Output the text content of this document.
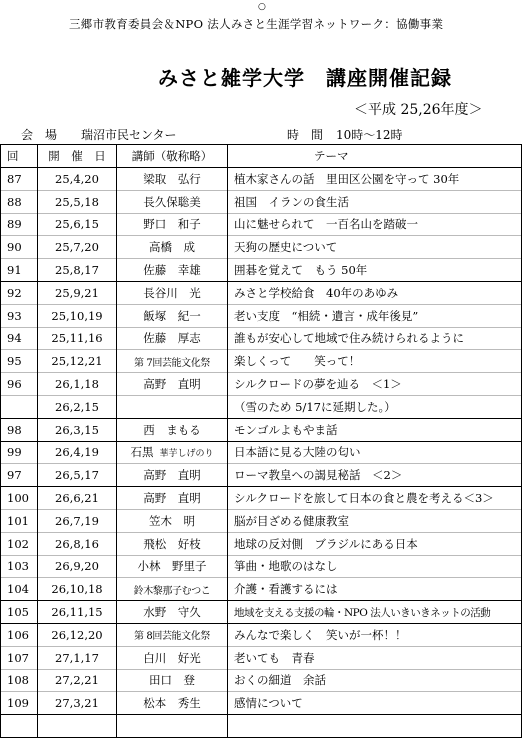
○
三郷市教育委員会＆NPO 法人みさと生涯学習ネットワーク：協働事業
みさと雑学大学　講座開催記録
＜平成 25,26年度＞
会　場 瑞沼市民センター	時　間 10時～12時
回	開　催　日	講師（敬称略）	テーマ
87	25,4,20	梁取　弘行	植木家さんの話　里田区公園を守って 30年
88	25,5,18	長久保聡美	祖国　イランの食生活
89	25,6,15	野口　和子	山に魅せられて　一百名山を踏破一
90	25,7,20	高橋　成	天狗の歴史について
91	25,8,17	佐藤　幸雄	囲碁を覚えて　もう 50年
92	25,9,21	長谷川　光	みさと学校給食　40年のあゆみ
93	25,10,19	飯塚　紀一	老い支度　“相続・遺言・成年後見”
94	25,11,16	佐藤　厚志	誰もが安心して地域で住み続けられるように
95	25,12,21	第 7回芸能文化祭	楽しくって　　笑って！
96	26,1,18	高野　直明	シルクロードの夢を辿る　＜1＞
	26,2,15		（雪のため 5/17に延期した。）
98	26,3,15	西　まもる	モンゴルよもやま話
99	26,4,19	石黒 華芋しげのり	日本語に見る大陸の匂い
97	26,5,17	高野　直明	ローマ教皇への謁見秘話　＜2＞
100	26,6,21	高野　直明	シルクロードを旅して日本の食と農を考える＜3＞
101	26,7,19	笠木　明	脳が目ざめる健康教室
102	26,8,16	飛松　好枝	地球の反対側　ブラジルにある日本
103	26,9,20	小林　野里子	箏曲・地歌のはなし
104	26,10,18	鈴木黎那子むつこ	介護・看護するには
105	26,11,15	水野　守久	地域を支える支援の輪・NPO 法人いきいきネットの活動
106	26,12,20	第 8回芸能文化祭	みんなで楽しく　笑いが一杯！！
107	27,1,17	白川　好光	老いても　青春
108	27,2,21	田口　登	おくの細道　余話
109	27,3,21	松本　秀生	感情について
